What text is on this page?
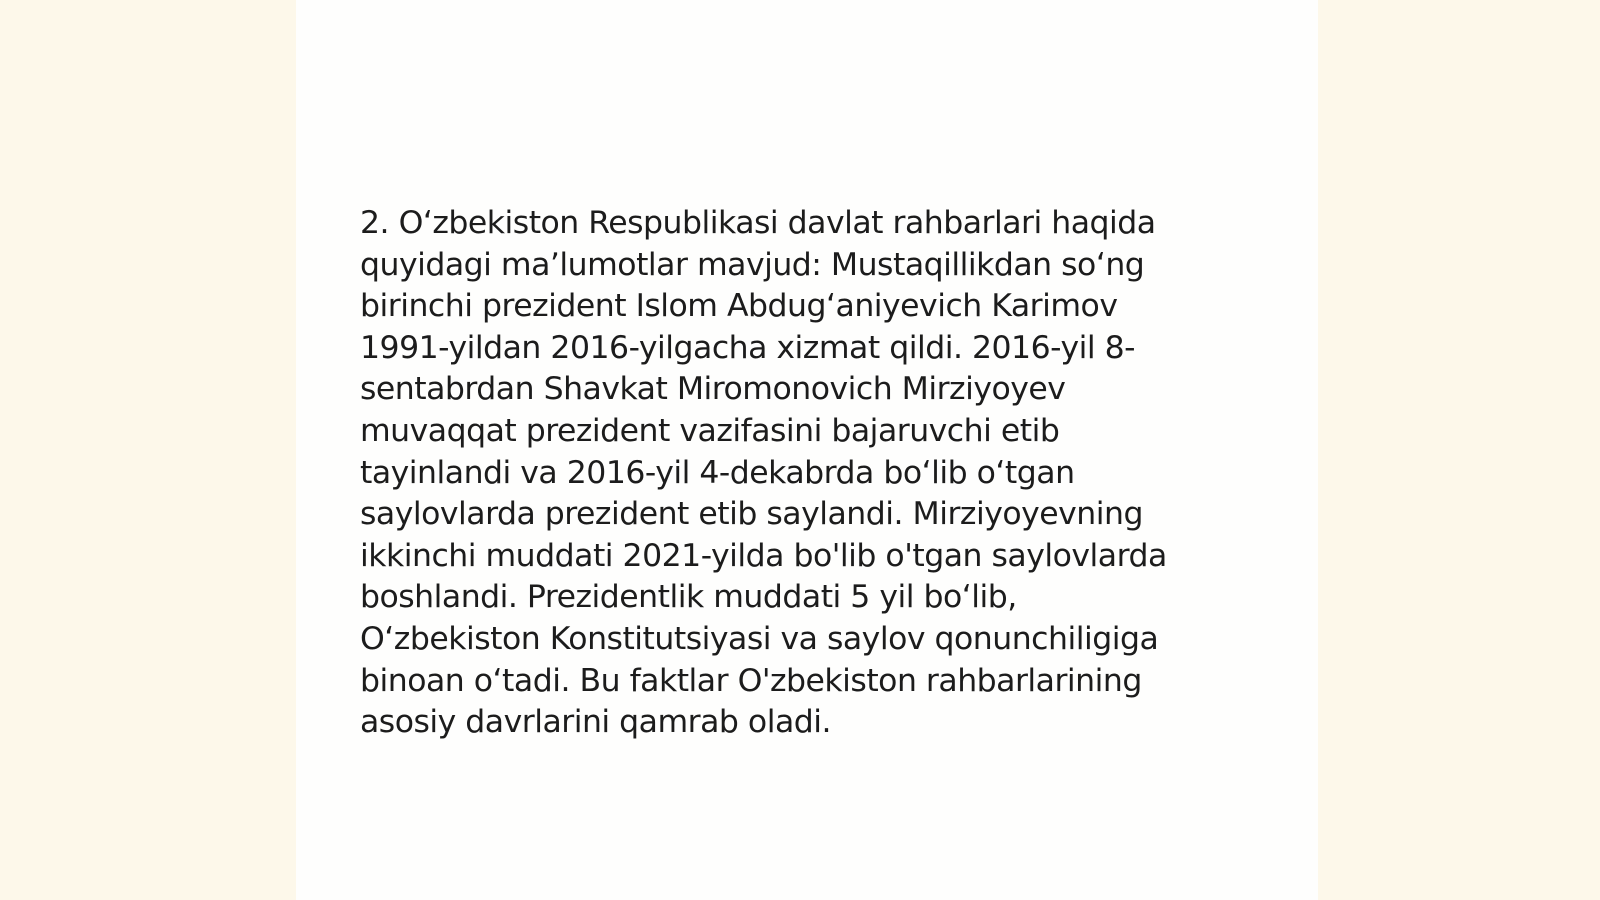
2. O‘zbekiston Respublikasi davlat rahbarlari haqida
quyidagi ma’lumotlar mavjud: Mustaqillikdan so‘ng
birinchi prezident Islom Abdug‘aniyevich Karimov
1991-yildan 2016-yilgacha xizmat qildi. 2016-yil 8-
sentabrdan Shavkat Miromonovich Mirziyoyev
muvaqqat prezident vazifasini bajaruvchi etib
tayinlandi va 2016-yil 4-dekabrda bo‘lib o‘tgan
saylovlarda prezident etib saylandi. Mirziyoyevning
ikkinchi muddati 2021-yilda bo'lib o'tgan saylovlarda
boshlandi. Prezidentlik muddati 5 yil bo‘lib,
O‘zbekiston Konstitutsiyasi va saylov qonunchiligiga
binoan o‘tadi. Bu faktlar O'zbekiston rahbarlarining
asosiy davrlarini qamrab oladi.
